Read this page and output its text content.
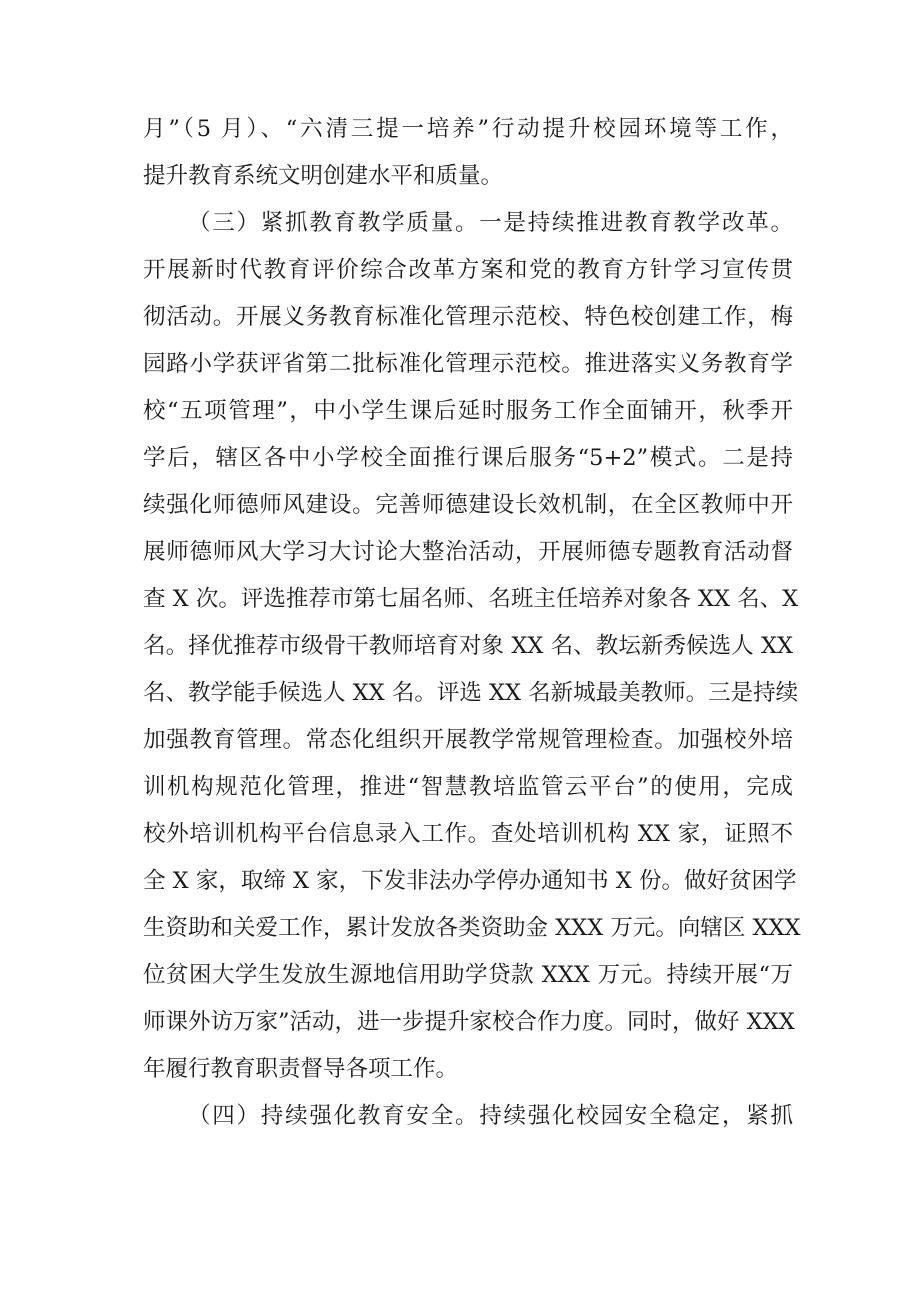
月”（5 月）、“六清三提一培养”行动提升校园环境等工作，
提升教育系统文明创建水平和质量。
（三）紧抓教育教学质量。一是持续推进教育教学改革。
开展新时代教育评价综合改革方案和党的教育方针学习宣传贯
彻活动。开展义务教育标准化管理示范校、特色校创建工作，梅
园路小学获评省第二批标准化管理示范校。推进落实义务教育学
校“五项管理”，中小学生课后延时服务工作全面铺开，秋季开
学后，辖区各中小学校全面推行课后服务“5+2”模式。二是持
续强化师德师风建设。完善师德建设长效机制，在全区教师中开
展师德师风大学习大讨论大整治活动，开展师德专题教育活动督
查 X 次。评选推荐市第七届名师、名班主任培养对象各 XX 名、X
名。择优推荐市级骨干教师培育对象 XX 名、教坛新秀候选人 XX
名、教学能手候选人 XX 名。评选 XX 名新城最美教师。三是持续
加强教育管理。常态化组织开展教学常规管理检查。加强校外培
训机构规范化管理，推进“智慧教培监管云平台”的使用，完成
校外培训机构平台信息录入工作。查处培训机构 XX 家，证照不
全 X 家，取缔 X 家，下发非法办学停办通知书 X 份。做好贫困学
生资助和关爱工作，累计发放各类资助金 XXX 万元。向辖区 XXX
位贫困大学生发放生源地信用助学贷款 XXX 万元。持续开展“万
师课外访万家”活动，进一步提升家校合作力度。同时，做好 XXX
年履行教育职责督导各项工作。
（四）持续强化教育安全。持续强化校园安全稳定，紧抓
